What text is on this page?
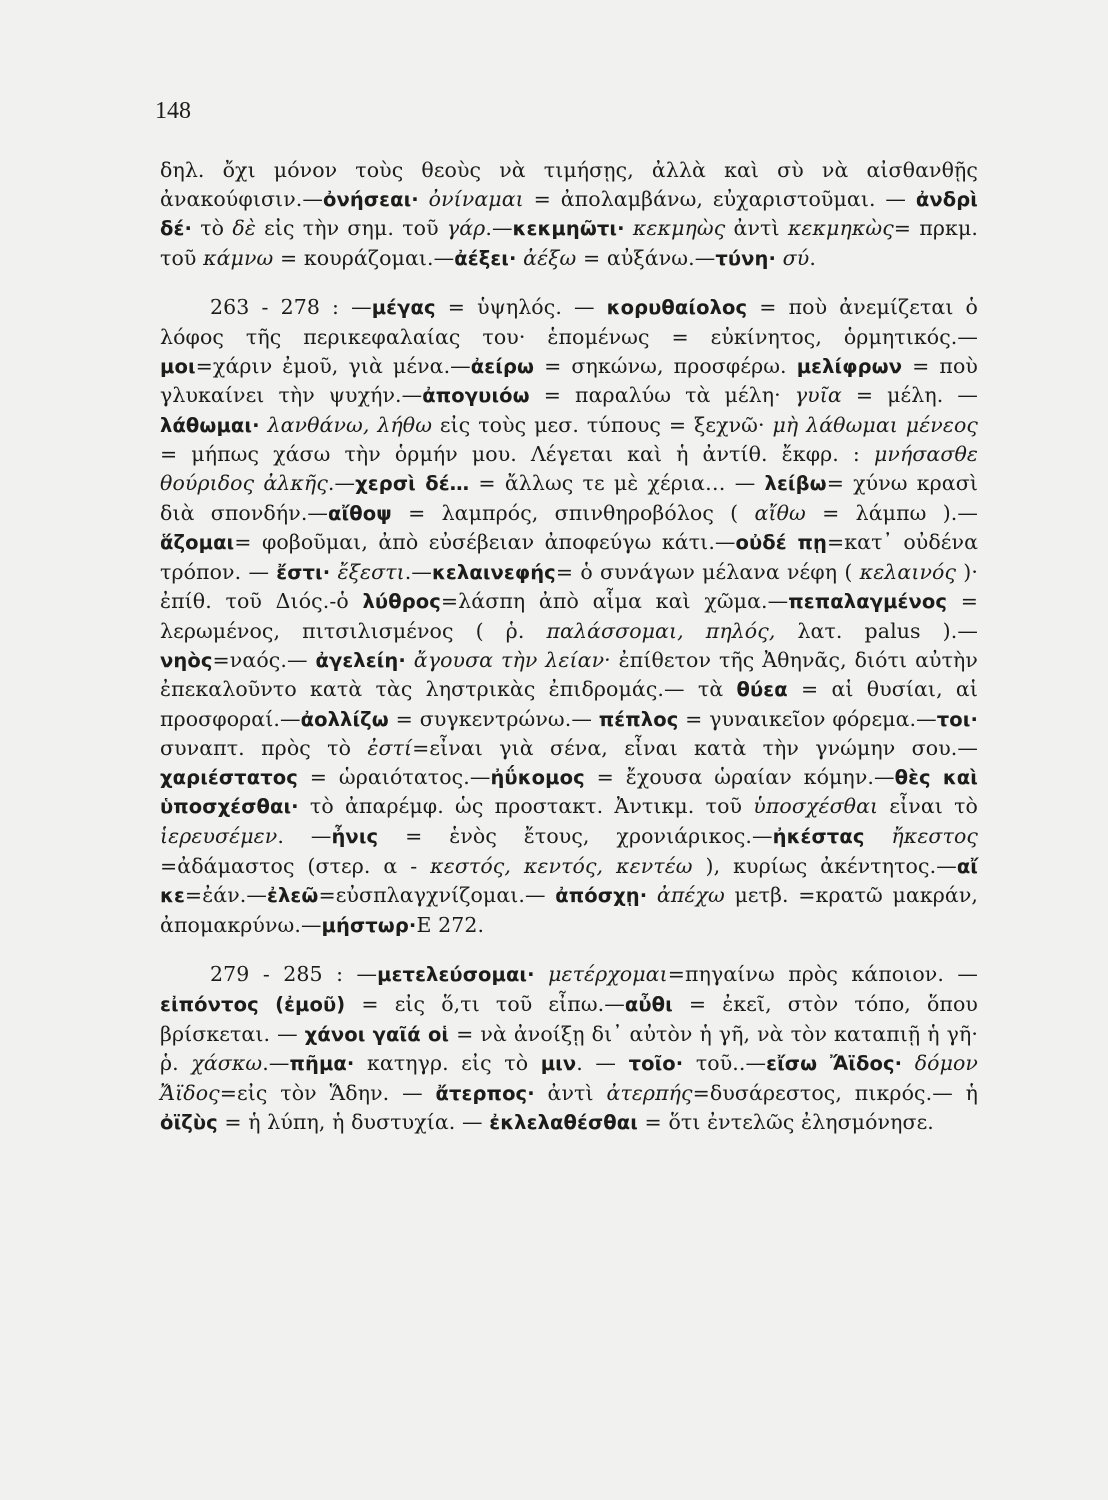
148

δηλ. ὄχι μόνον τοὺς θεοὺς νὰ τιμήσῃς, ἀλλὰ καὶ σὺ νὰ αἰσθανθῇς ἀνακούφισιν.—ὀνήσεαι· ὀνίναμαι = ἀπολαμβάνω, εὐχαριστοῦμαι. — ἀνδρὶ δέ· τὸ δὲ εἰς τὴν σημ. τοῦ γάρ.—κεκμηῶτι· κεκμηὼς ἀντὶ κεκμηκὼς= πρκμ. τοῦ κάμνω = κουράζομαι.—ἀέξει· ἀέξω = αὐξάνω.—τύνη· σύ.

263 - 278 : —μέγας = ὑψηλός. — κορυθαίολος = ποὺ ἀνεμίζεται ὁ λόφος τῆς περικεφαλαίας του· ἑπομένως = εὐκίνητος, ὁρμητικός.— μοι=χάριν ἐμοῦ, γιὰ μένα.—ἀείρω = σηκώνω, προσφέρω. μελίφρων = ποὺ γλυκαίνει τὴν ψυχήν.—ἀπογυιόω = παραλύω τὰ μέλη· γυῖα = μέλη. — λάθωμαι· λανθάνω, λήθω εἰς τοὺς μεσ. τύπους = ξεχνῶ· μὴ λάθωμαι μένεος = μήπως χάσω τὴν ὁρμήν μου. Λέγεται καὶ ἡ ἀντίθ. ἔκφρ. : μνήσασθε θούριδος ἀλκῆς.—χερσὶ δέ… = ἄλλως τε μὲ χέρια… — λείβω= χύνω κρασὶ διὰ σπονδήν.—αἴθοψ = λαμπρός, σπινθηροβόλος ( αἴθω = λάμπω ).— ἅζομαι= φοβοῦμαι, ἀπὸ εὐσέβειαν ἀποφεύγω κάτι.—οὐδέ πῃ=κατ᾽ οὐδένα τρόπον. — ἔστι· ἔξεστι.—κελαινεφής= ὁ συνάγων μέλανα νέφη ( κελαινός )· ἐπίθ. τοῦ Διός.-ὁ λύθρος=λάσπη ἀπὸ αἷμα καὶ χῶμα.—πεπαλαγμένος = λερωμένος, πιτσιλισμένος ( ῥ. παλάσσομαι, πηλός, λατ. palus ).— νηὸς=ναός.— ἀγελείη· ἄγουσα τὴν λείαν· ἐπίθετον τῆς Ἀθηνᾶς, διότι αὐτὴν ἐπεκαλοῦντο κατὰ τὰς ληστρικὰς ἐπιδρομάς.— τὰ θύεα = αἱ θυσίαι, αἱ προσφοραί.—ἀολλίζω = συγκεντρώνω.— πέπλος = γυναικεῖον φόρεμα.—τοι· συναπτ. πρὸς τὸ ἐστί=εἶναι γιὰ σένα, εἶναι κατὰ τὴν γνώμην σου.—χαριέστατος = ὡραιότατος.—ἠΰκομος = ἔχουσα ὡραίαν κόμην.—θὲς καὶ ὑποσχέσθαι· τὸ ἀπαρέμφ. ὡς προστακτ. Ἀντικμ. τοῦ ὑποσχέσθαι εἶναι τὸ ἱερευσέμεν. —ἦνις = ἑνὸς ἔτους, χρονιάρικος.—ἠκέστας ἤκεστος =ἀδάμαστος (στερ. α - κεστός, κεντός, κεντέω ), κυρίως ἀκέντητος.—αἴ κε=ἐάν.—ἐλεῶ=εὐσπλαγχνίζομαι.— ἀπόσχῃ· ἀπέχω μετβ. =κρατῶ μακράν, ἀπομακρύνω.—μήστωρ·Ε 272.

279 - 285 : —μετελεύσομαι· μετέρχομαι=πηγαίνω πρὸς κάποιον. —εἰπόντος (ἐμοῦ) = εἰς ὅ,τι τοῦ εἶπω.—αὖθι = ἐκεῖ, στὸν τόπο, ὅπου βρίσκεται. — χάνοι γαῖά οἱ = νὰ ἀνοίξῃ δι᾽ αὐτὸν ἡ γῆ, νὰ τὸν καταπιῇ ἡ γῆ· ῥ. χάσκω.—πῆμα· κατηγρ. εἰς τὸ μιν. — τοῖο· τοῦ..—εἴσω Ἄϊδος· δόμον Ἄϊδος=εἰς τὸν Ἅδην. — ἄτερπος· ἀντὶ ἀτερπής=δυσάρεστος, πικρός.— ἡ ὀϊζὺς = ἡ λύπη, ἡ δυστυχία. — ἐκλελαθέσθαι = ὅτι ἐντελῶς ἐλησμόνησε.
